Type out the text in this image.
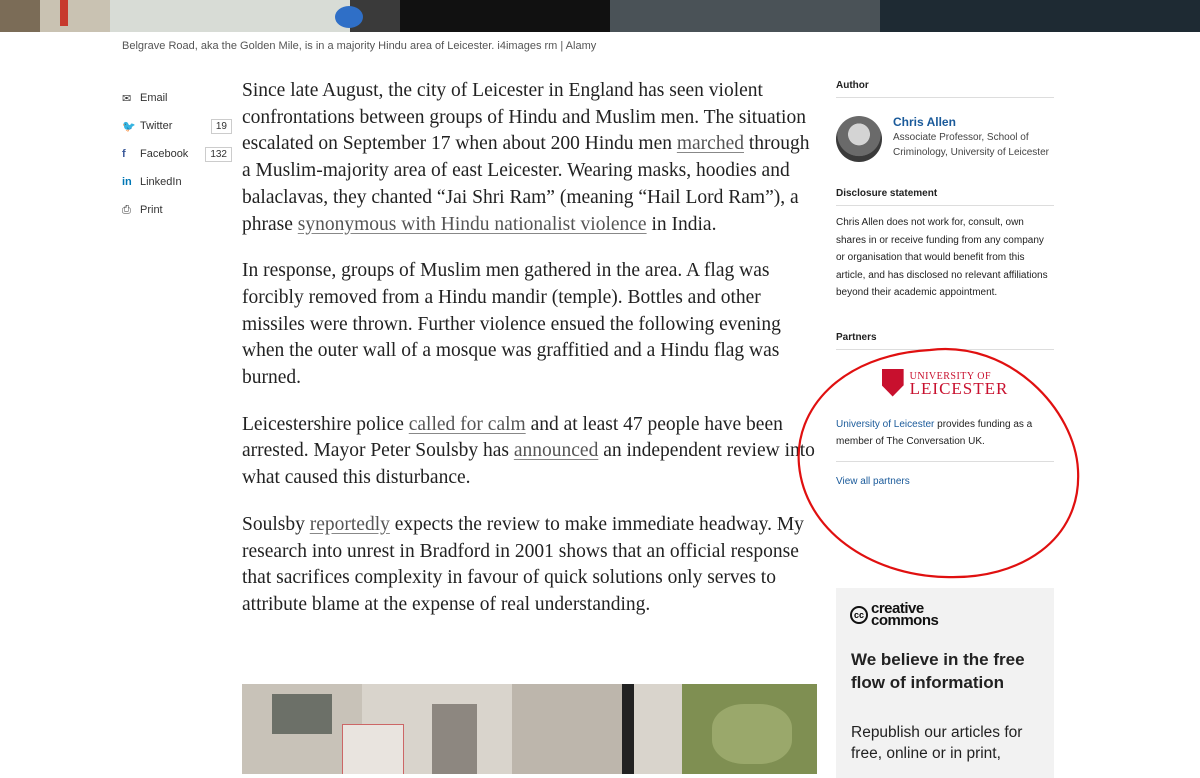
Belgrave Road, aka the Golden Mile, is in a majority Hindu area of Leicester. i4images rm | Alamy
✉ Email
🐦 Twitter	19
f	Facebook	132
in LinkedIn
⎙ Print

Since late August, the city of Leicester in England has seen violent confrontations between groups of Hindu and Muslim men. The situation escalated on September 17 when about 200 Hindu men marched through a Muslim-majority area of east Leicester. Wearing masks, hoodies and balaclavas, they chanted “Jai Shri Ram” (meaning “Hail Lord Ram”), a phrase synonymous with Hindu nationalist violence in India.

In response, groups of Muslim men gathered in the area. A flag was forcibly removed from a Hindu mandir (temple). Bottles and other missiles were thrown. Further violence ensued the following evening when the outer wall of a mosque was graffitied and a Hindu flag was burned.

Leicestershire police called for calm and at least 47 people have been arrested. Mayor Peter Soulsby has announced an independent review into what caused this disturbance.

Soulsby reportedly expects the review to make immediate headway. My research into unrest in Bradford in 2001 shows that an official response that sacrifices complexity in favour of quick solutions only serves to attribute blame at the expense of real understanding.

Author
Chris Allen
Associate Professor, School of Criminology, University of Leicester
Disclosure statement
Chris Allen does not work for, consult, own shares in or receive funding from any company or organisation that would benefit from this article, and has disclosed no relevant affiliations beyond their academic appointment.
Partners
UNIVERSITY OF
LEICESTER
University of Leicester provides funding as a member of The Conversation UK.
View all partners
cc creative
commons
We believe in the free flow of information
Republish our articles for free, online or in print,
